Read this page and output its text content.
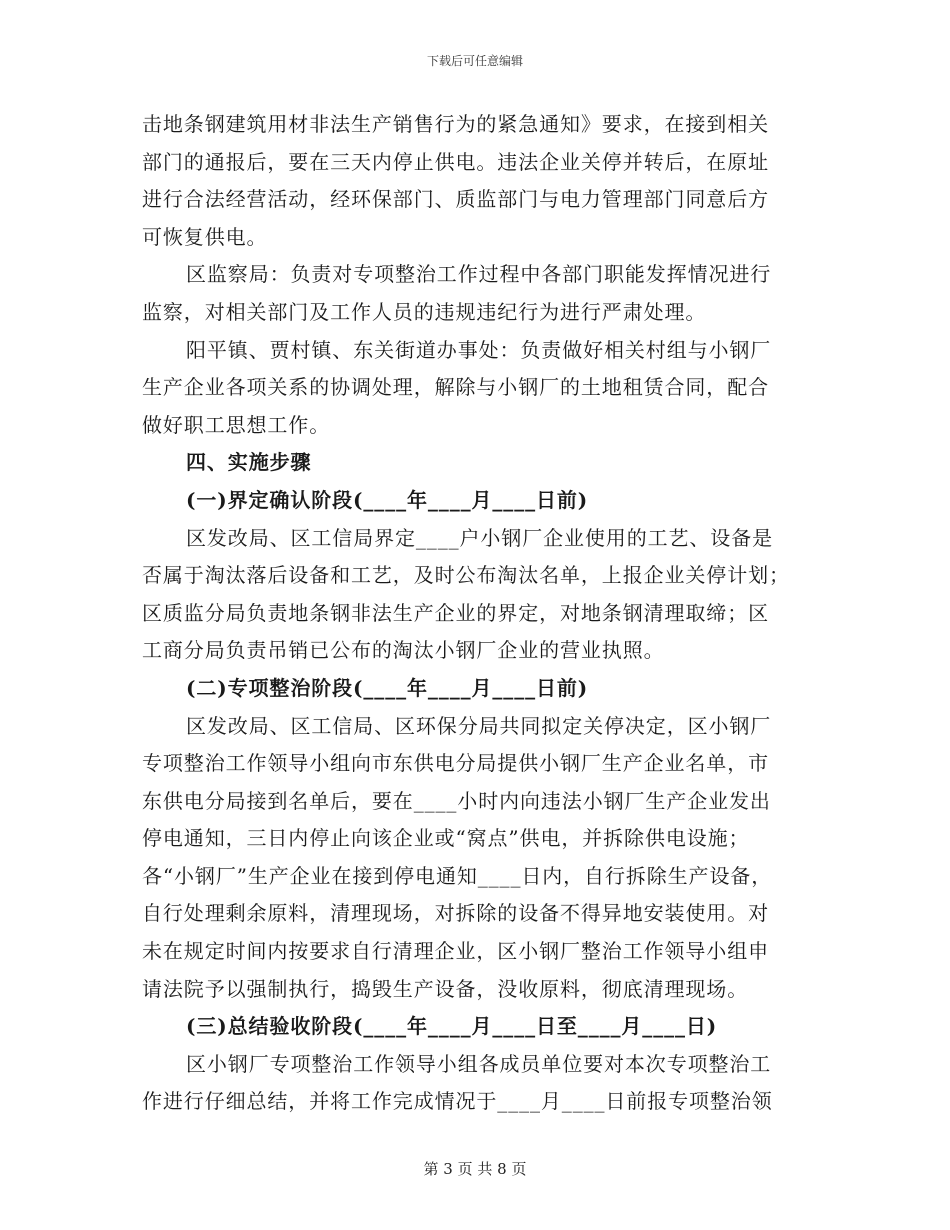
下载后可任意编辑
击地条钢建筑用材非法生产销售行为的紧急通知》要求，在接到相关
部门的通报后，要在三天内停止供电。违法企业关停并转后，在原址
进行合法经营活动，经环保部门、质监部门与电力管理部门同意后方
可恢复供电。
区监察局：负责对专项整治工作过程中各部门职能发挥情况进行
监察，对相关部门及工作人员的违规违纪行为进行严肃处理。
阳平镇、贾村镇、东关街道办事处：负责做好相关村组与小钢厂
生产企业各项关系的协调处理，解除与小钢厂的土地租赁合同，配合
做好职工思想工作。
四、实施步骤
(一)界定确认阶段(____年____月____日前)
区发改局、区工信局界定____户小钢厂企业使用的工艺、设备是
否属于淘汰落后设备和工艺，及时公布淘汰名单，上报企业关停计划；
区质监分局负责地条钢非法生产企业的界定，对地条钢清理取缔；区
工商分局负责吊销已公布的淘汰小钢厂企业的营业执照。
(二)专项整治阶段(____年____月____日前)
区发改局、区工信局、区环保分局共同拟定关停决定，区小钢厂
专项整治工作领导小组向市东供电分局提供小钢厂生产企业名单，市
东供电分局接到名单后，要在____小时内向违法小钢厂生产企业发出
停电通知，三日内停止向该企业或“窝点”供电，并拆除供电设施；
各“小钢厂”生产企业在接到停电通知____日内，自行拆除生产设备，
自行处理剩余原料，清理现场，对拆除的设备不得异地安装使用。对
未在规定时间内按要求自行清理企业，区小钢厂整治工作领导小组申
请法院予以强制执行，捣毁生产设备，没收原料，彻底清理现场。
(三)总结验收阶段(____年____月____日至____月____日)
区小钢厂专项整治工作领导小组各成员单位要对本次专项整治工
作进行仔细总结，并将工作完成情况于____月____日前报专项整治领
第 3 页 共 8 页
